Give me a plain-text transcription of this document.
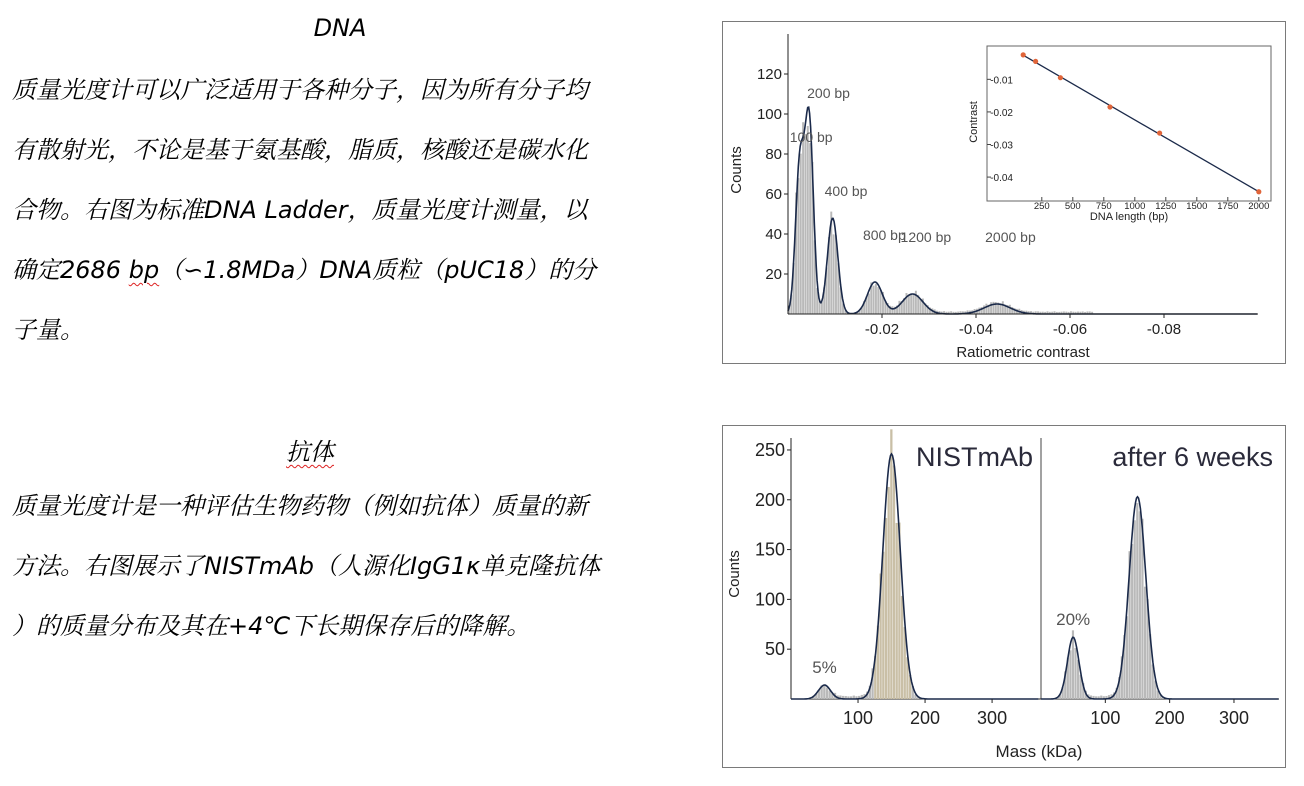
DNA
质量光度计可以广泛适用于各种分子，因为所有分子均
有散射光，不论是基于氨基酸，脂质，核酸还是碳水化
合物。右图为标准DNA Ladder，质量光度计测量，以
确定2686 bp（∽1.8MDa）DNA质粒（pUC18）的分
子量。
抗体
质量光度计是一种评估生物药物（例如抗体）质量的新
方法。右图展示了NISTmAb（人源化IgG1κ单克隆抗体
）的质量分布及其在+4℃下长期保存后的降解。
20
40
60
80
100
120
-0.02	-0.04	-0.06	-0.08
100 bp
200 bp
400 bp
800 bp
1200 bp 2000 bp
Ratiometric contrast
Counts
-0.01
-0.02
-0.03
-0.04
250 500 750 1000 1250 1500 1750 2000
DNA length (bp)
Contrast
50
100
150
200
250
100 200 300
NISTmAb
5%
100 200 300
after 6 weeks
20%
Mass (kDa)
Counts
